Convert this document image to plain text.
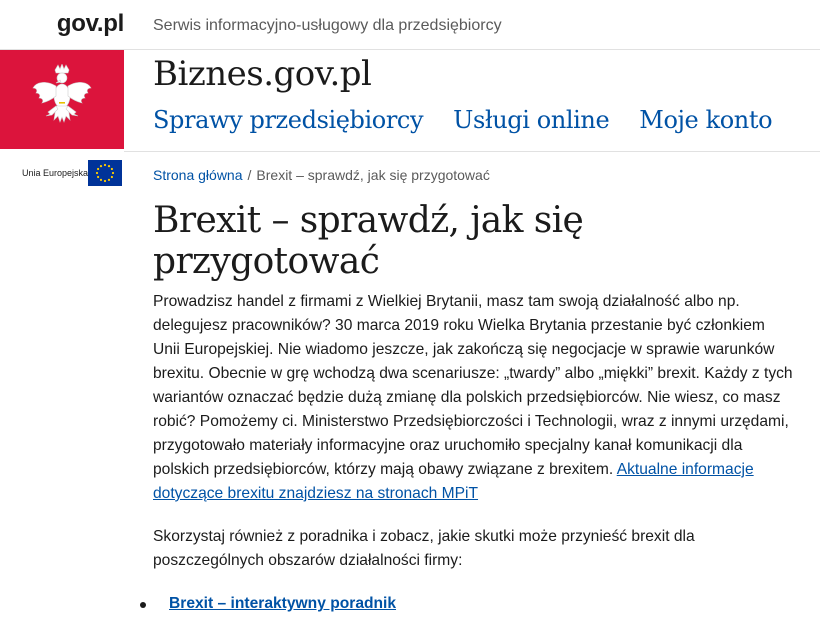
gov.pl
Unia Europejska
Serwis informacyjno-usługowy dla przedsiębiorcy
Biznes.gov.pl
Sprawy przedsiębiorcy Usługi online Moje konto
Strona główna / Brexit – sprawdź, jak się przygotować
Brexit – sprawdź, jak się przygotować

Prowadzisz handel z firmami z Wielkiej Brytanii, masz tam swoją działalność albo np. delegujesz pracowników? 30 marca 2019 roku Wielka Brytania przestanie być członkiem Unii Europejskiej. Nie wiadomo jeszcze, jak zakończą się negocjacje w sprawie warunków brexitu. Obecnie w grę wchodzą dwa scenariusze: „twardy” albo „miękki” brexit. Każdy z tych wariantów oznaczać będzie dużą zmianę dla polskich przedsiębiorców. Nie wiesz, co masz robić? Pomożemy ci. Ministerstwo Przedsiębiorczości i Technologii, wraz z innymi urzędami, przygotowało materiały informacyjne oraz uruchomiło specjalny kanał komunikacji dla polskich przedsiębiorców, którzy mają obawy związane z brexitem. Aktualne informacje dotyczące brexitu znajdziesz na stronach MPiT

Skorzystaj również z poradnika i zobacz, jakie skutki może przynieść brexit dla poszczególnych obszarów działalności firmy:

Brexit – interaktywny poradnik
